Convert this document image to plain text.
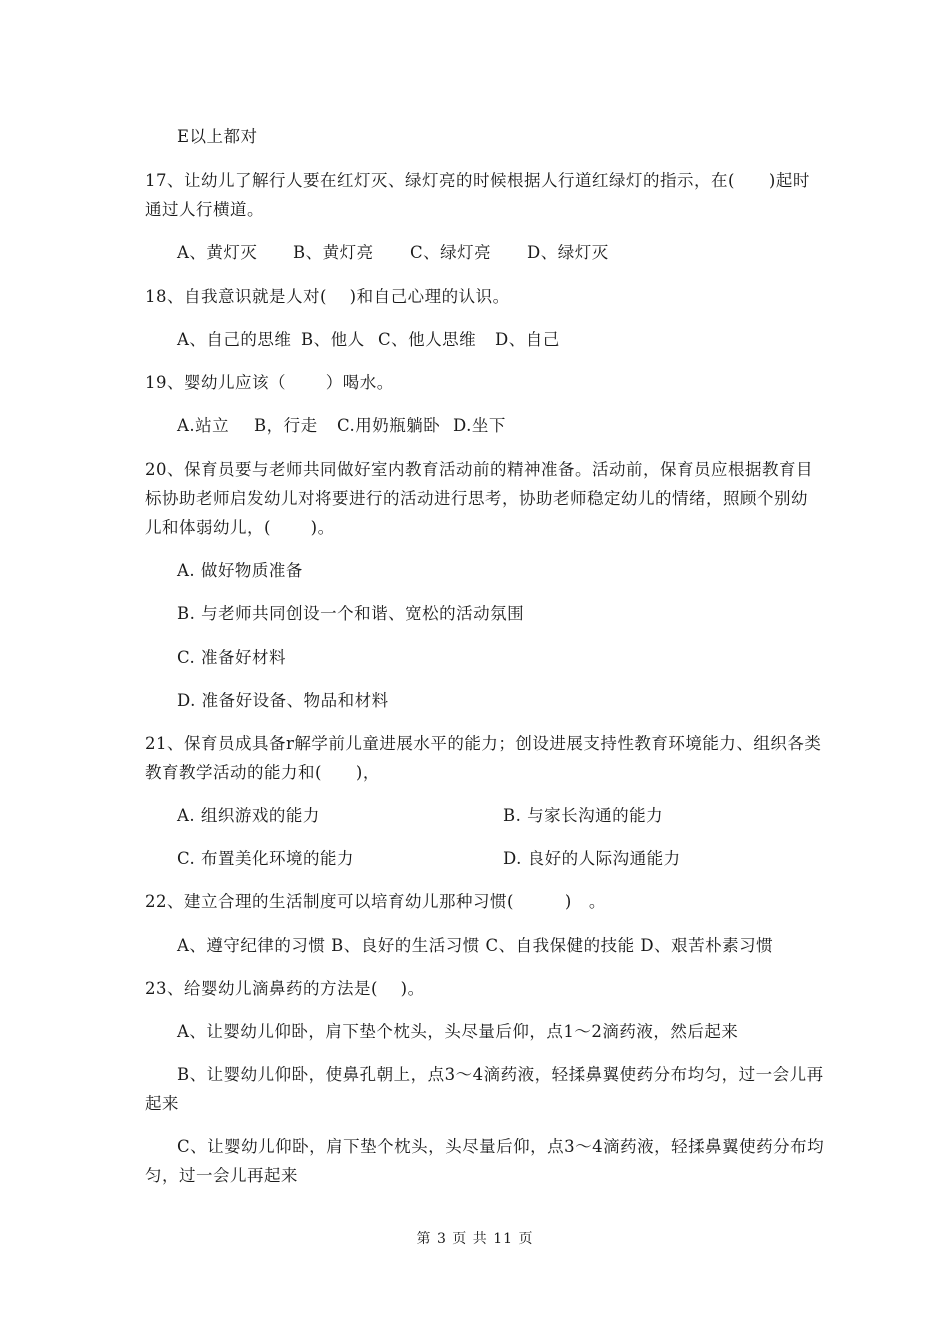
E以上都对
17、让幼儿了解行人要在红灯灭、绿灯亮的时候根据人行道红绿灯的指示，在(　　)起时
通过人行横道。
A、黄灯灭 B、黄灯亮 C、绿灯亮 D、绿灯灭
18、自我意识就是人对(　 )和自己心理的认识。
A、自己的思维 B、他人 C、他人思维 D、自己
19、婴幼儿应该（　　 ）喝水。
A.站立 B，行走 C.用奶瓶躺卧 D.坐下
20、保育员要与老师共同做好室内教育活动前的精神准备。活动前，保育员应根据教育目
标协助老师启发幼儿对将要进行的活动进行思考，协助老师稳定幼儿的情绪，照顾个别幼
儿和体弱幼儿，(　　 )。
A. 做好物质准备
B. 与老师共同创设一个和谐、宽松的活动氛围
C. 准备好材料
D. 准备好设备、物品和材料
21、保育员成具备r解学前儿童进展水平的能力；创设进展支持性教育环境能力、组织各类
教育教学活动的能力和(　　)，
A. 组织游戏的能力	B. 与家长沟通的能力
C. 布置美化环境的能力	D. 良好的人际沟通能力
22、建立合理的生活制度可以培育幼儿那种习惯(　　　)　。
A、遵守纪律的习惯 B、良好的生活习惯 C、自我保健的技能 D、艰苦朴素习惯
23、给婴幼儿滴鼻药的方法是(　 )。
A、让婴幼儿仰卧，肩下垫个枕头，头尽量后仰，点1～2滴药液，然后起来
B、让婴幼儿仰卧，使鼻孔朝上，点3～4滴药液，轻揉鼻翼使药分布均匀，过一会儿再
起来
C、让婴幼儿仰卧，肩下垫个枕头，头尽量后仰，点3～4滴药液，轻揉鼻翼使药分布均
匀，过一会儿再起来
第 3 页 共 11 页
